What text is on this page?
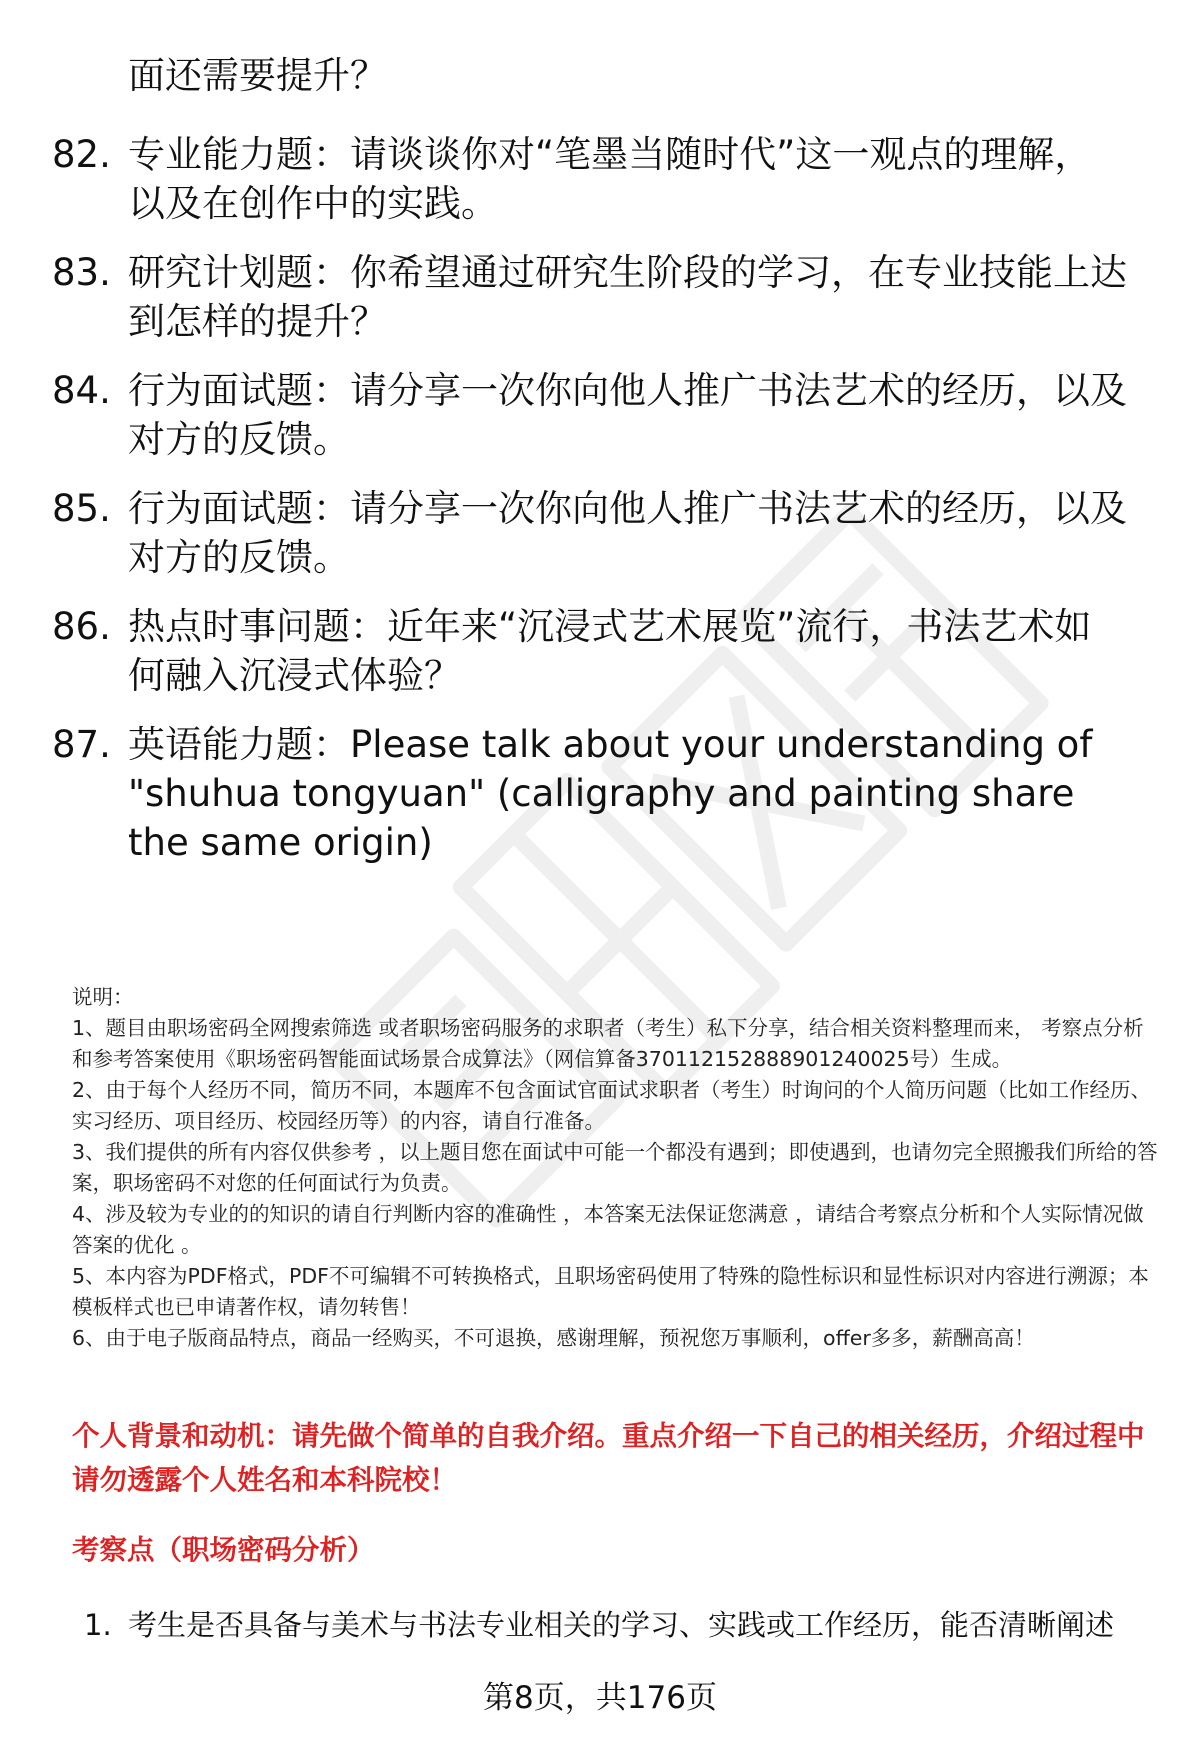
面还需要提升？
82. 专业能力题：请谈谈你对“笔墨当随时代”这一观点的理解，以及在创作中的实践。
83. 研究计划题：你希望通过研究生阶段的学习，在专业技能上达到怎样的提升？
84. 行为面试题：请分享一次你向他人推广书法艺术的经历，以及对方的反馈。
85. 行为面试题：请分享一次你向他人推广书法艺术的经历，以及对方的反馈。
86. 热点时事问题：近年来“沉浸式艺术展览”流行，书法艺术如何融入沉浸式体验？
87. 英语能力题：Please talk about your understanding of "shuhua tongyuan" (calligraphy and painting share the same origin)
说明：
1、题目由职场密码全网搜索筛选 或者职场密码服务的求职者（考生）私下分享，结合相关资料整理而来， 考察点分析和参考答案使用《职场密码智能面试场景合成算法》（网信算备370112152888901240025号）生成。
2、由于每个人经历不同，简历不同，本题库不包含面试官面试求职者（考生）时询问的个人简历问题（比如工作经历、实习经历、项目经历、校园经历等）的内容，请自行准备。
3、我们提供的所有内容仅供参考 ，以上题目您在面试中可能一个都没有遇到；即使遇到，也请勿完全照搬我们所给的答案，职场密码不对您的任何面试行为负责。
4、涉及较为专业的的知识的请自行判断内容的准确性 ，本答案无法保证您满意 ，请结合考察点分析和个人实际情况做答案的优化 。
5、本内容为PDF格式，PDF不可编辑不可转换格式，且职场密码使用了特殊的隐性标识和显性标识对内容进行溯源；本模板样式也已申请著作权，请勿转售！
6、由于电子版商品特点，商品一经购买，不可退换，感谢理解，预祝您万事顺利，offer多多，薪酬高高！
个人背景和动机：请先做个简单的自我介绍。重点介绍一下自己的相关经历，介绍过程中请勿透露个人姓名和本科院校！
考察点（职场密码分析）
1. 考生是否具备与美术与书法专业相关的学习、实践或工作经历，能否清晰阐述
第8页，共176页
